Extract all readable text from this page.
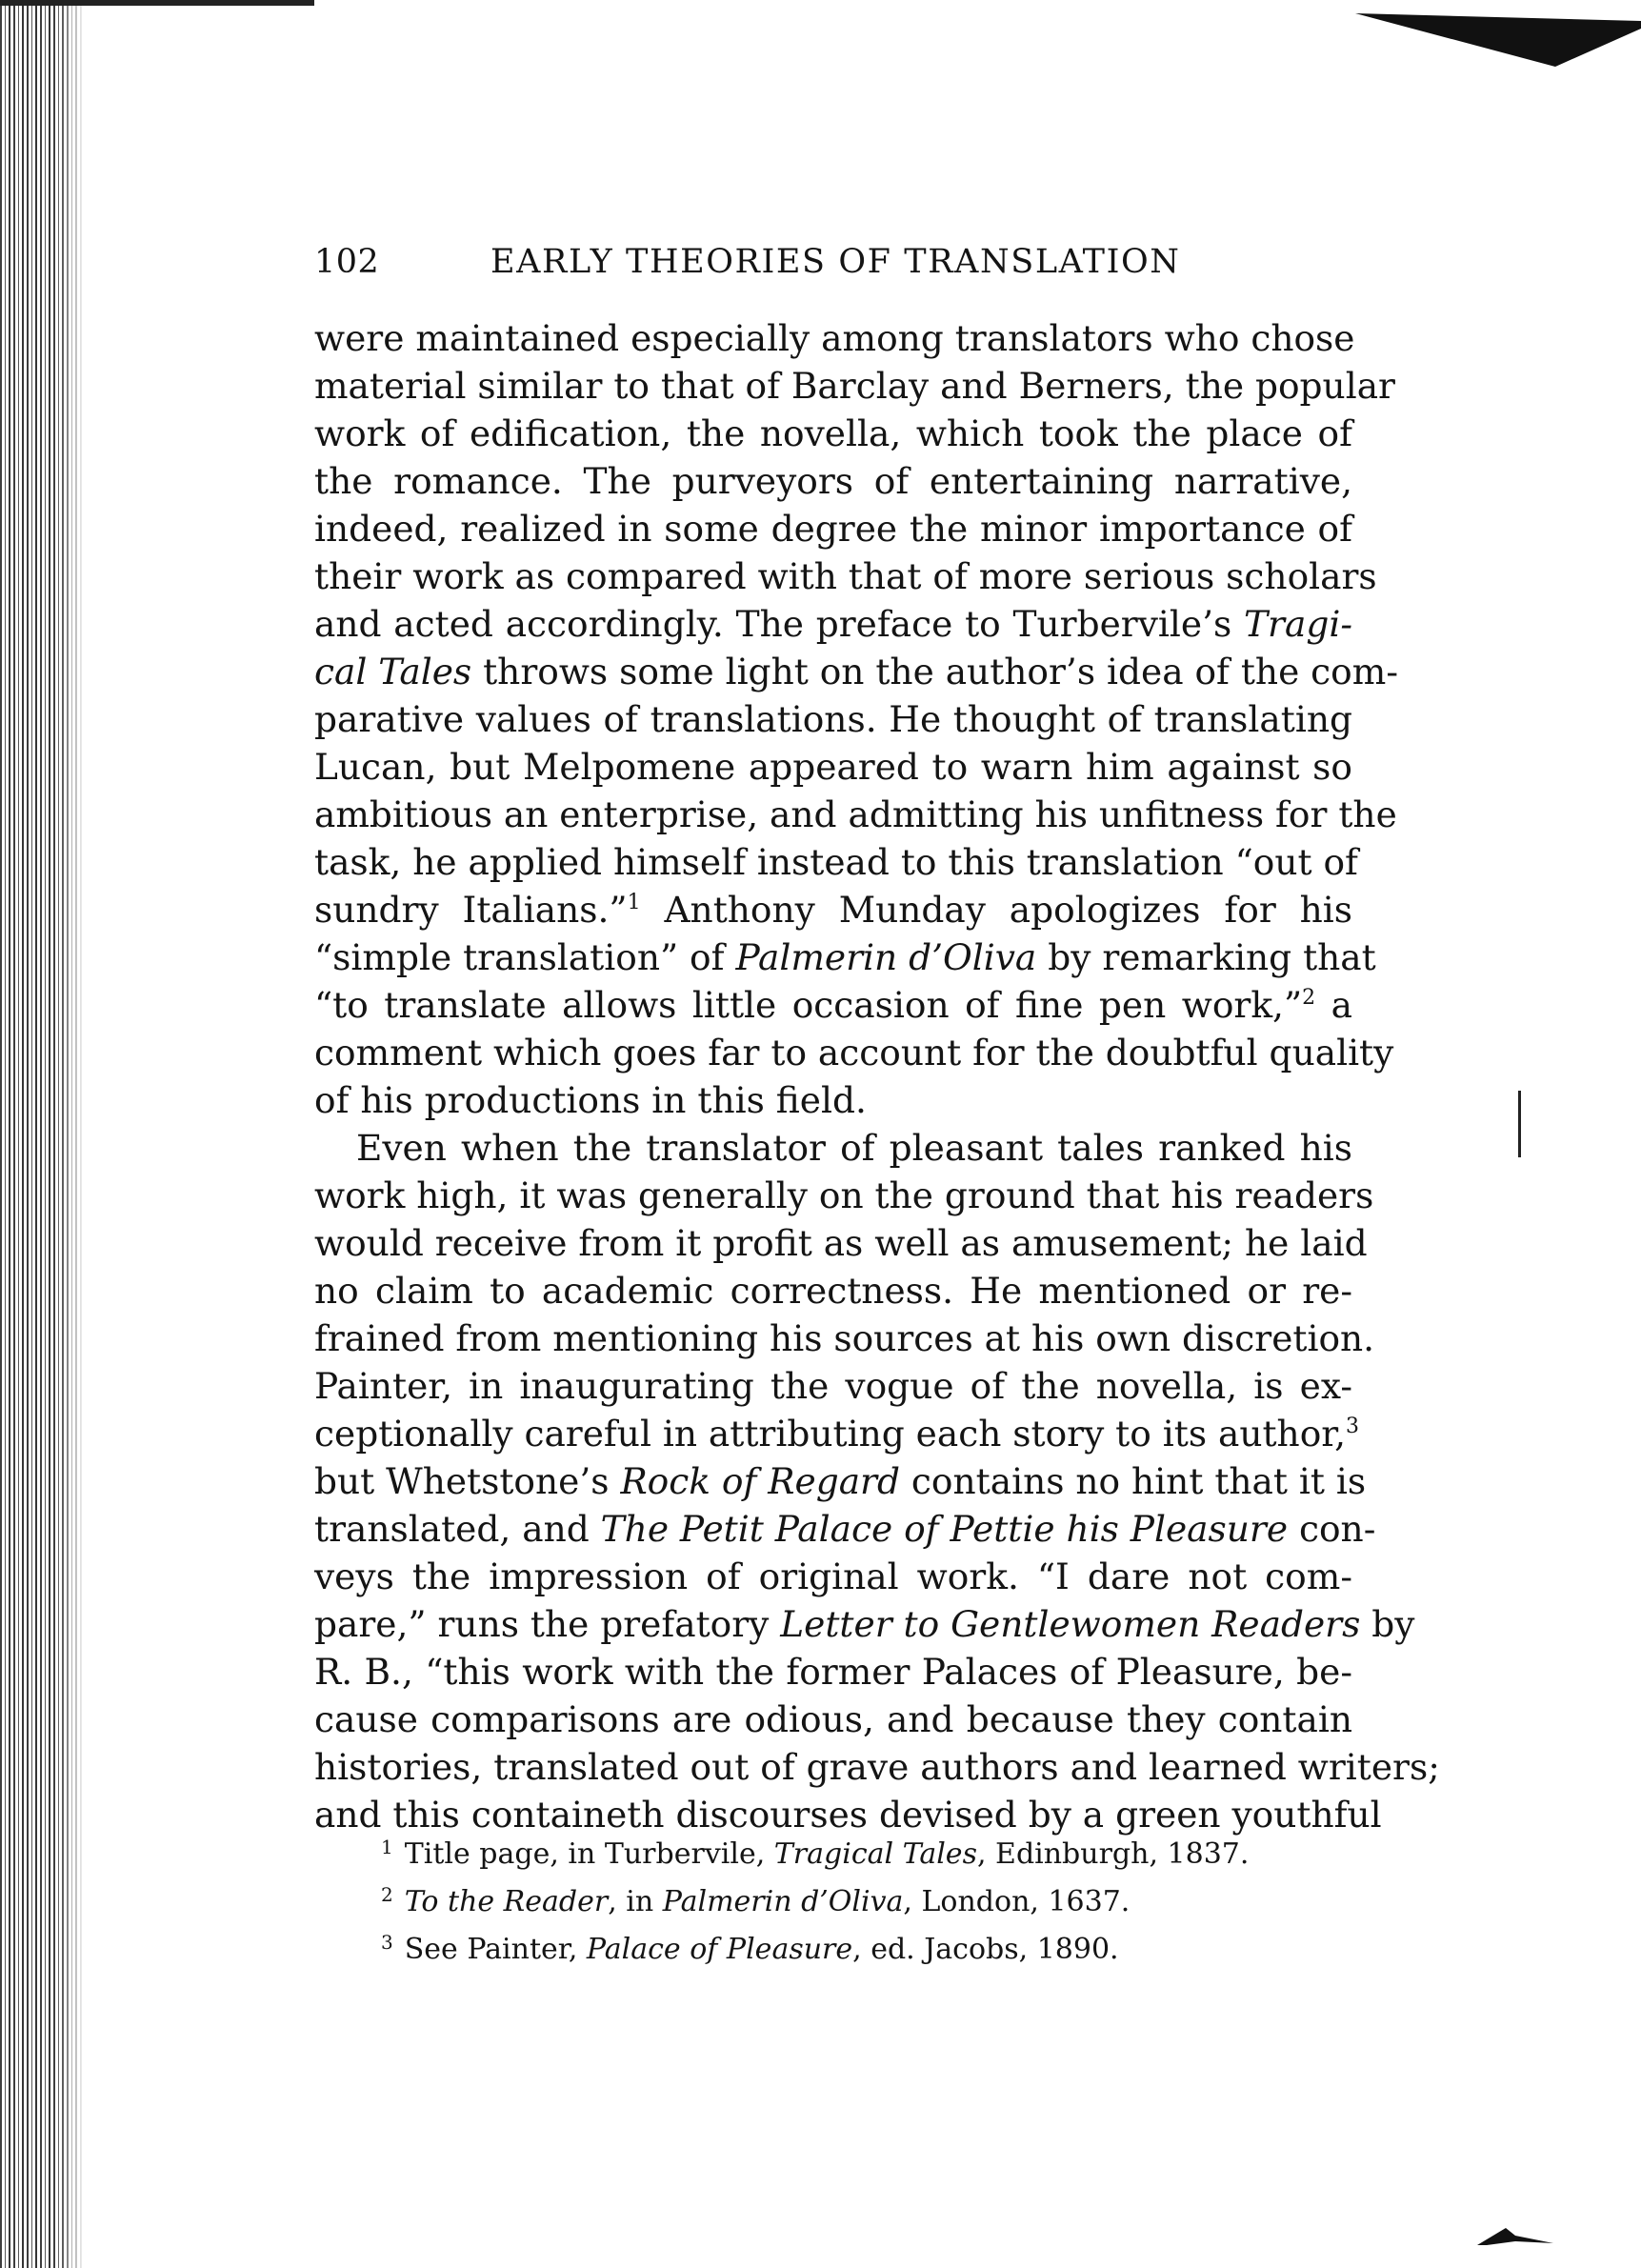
102	EARLY THEORIES OF TRANSLATION
were maintained especially among translators who chose
material similar to that of Barclay and Berners, the popular
work of edification, the novella, which took the place of
the romance. The purveyors of entertaining narrative,
indeed, realized in some degree the minor importance of
their work as compared with that of more serious scholars
and acted accordingly. The preface to Turbervile’s Tragi-
cal Tales throws some light on the author’s idea of the com-
parative values of translations. He thought of translating
Lucan, but Melpomene appeared to warn him against so
ambitious an enterprise, and admitting his unfitness for the
task, he applied himself instead to this translation “out of
sundry Italians.”$^1$ Anthony Munday apologizes for his
“simple translation” of Palmerin d’Oliva by remarking that
“to translate allows little occasion of fine pen work,”$^2$ a
comment which goes far to account for the doubtful quality
of his productions in this field.
Even when the translator of pleasant tales ranked his
work high, it was generally on the ground that his readers
would receive from it profit as well as amusement; he laid
no claim to academic correctness. He mentioned or re-
frained from mentioning his sources at his own discretion.
Painter, in inaugurating the vogue of the novella, is ex-
ceptionally careful in attributing each story to its author,$^3$
but Whetstone’s Rock of Regard contains no hint that it is
translated, and The Petit Palace of Pettie his Pleasure con-
veys the impression of original work. “I dare not com-
pare,” runs the prefatory Letter to Gentlewomen Readers by
R. B., “this work with the former Palaces of Pleasure, be-
cause comparisons are odious, and because they contain
histories, translated out of grave authors and learned writers;
and this containeth discourses devised by a green youthful
$^1$ Title page, in Turbervile, Tragical Tales, Edinburgh, 1837.
$^2$ To the Reader, in Palmerin d’Oliva, London, 1637.
$^3$ See Painter, Palace of Pleasure, ed. Jacobs, 1890.
